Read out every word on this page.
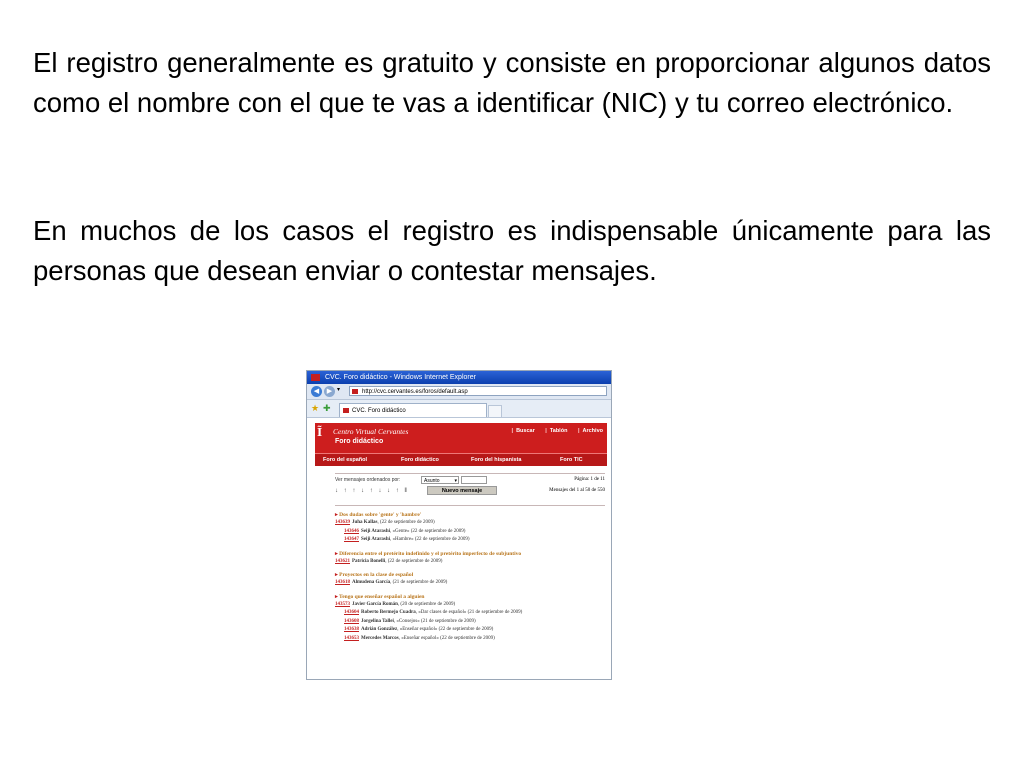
El registro generalmente es gratuito y consiste en proporcionar algunos datos como el nombre con el que te vas a identificar (NIC) y tu correo electrónico.

En muchos de los casos el registro es indispensable únicamente para las personas que desean enviar o contestar mensajes.

CVC. Foro didáctico - Windows Internet Explorer
◀	▶ ▾	http://cvc.cervantes.es/foros/default.asp
★ ✚	CVC. Foro didáctico
Ĩ	Centro Virtual Cervantes
Foro didáctico
| Buscar	| Tablón	| Archivo
Foro del español	Foro didáctico	Foro del hispanista	Foro TIC
Ver mensajes ordenados por:	Asunto ▾	Página: 1 de 11
↓ ↑ ↑ ↓ ↑ ↓ ↓ ↑ ‖	Nuevo mensaje	Mensajes del 1 al 50 de 550
▸ Dos dudas sobre 'gente' y 'hambre'
143639 Juha Kallas, (22 de septiembre de 2009)
143646 Seiji Atarashi, «Gente» (22 de septiembre de 2009)
143647 Seiji Atarashi, «Hambre» (22 de septiembre de 2009)
▸ Diferencia entre el pretérito indefinido y el pretérito imperfecto de subjuntivo
143621 Patricia Bonelli, (22 de septiembre de 2009)
▸ Proyectos en la clase de español
143618 Almudena García, (21 de septiembre de 2009)
▸ Tengo que enseñar español a alguien
143573 Javier García Román, (20 de septiembre de 2009)
143604 Roberto Bermejo Cuadra, «Dar clases de español» (21 de septiembre de 2009)
143608 Jorgelina Tallei, «Consejos» (21 de septiembre de 2009)
143638 Adrián González, «Enseñar español» (22 de septiembre de 2009)
143653 Mercedes Marcos, «Enseñar español» (22 de septiembre de 2009)
